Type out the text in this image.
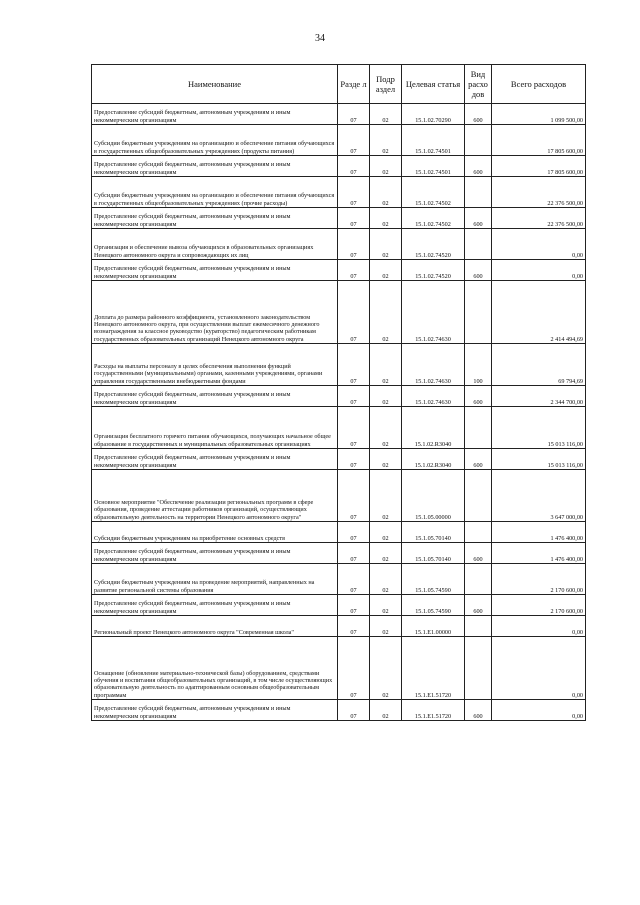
34
Наименование	Разде л	Подр аздел	Целевая статья	Вид расхо дов	Всего расходов
Предоставление субсидий бюджетным, автономным учреждениям и иным некоммерческим организациям	07	02	15.1.02.70290	600	1 099 500,00
Субсидии бюджетным учреждениям на организацию и обеспечение питания обучающихся в государственных общеобразовательных учреждениях (продукты питания)	07	02	15.1.02.74501		17 805 600,00
Предоставление субсидий бюджетным, автономным учреждениям и иным некоммерческим организациям	07	02	15.1.02.74501	600	17 805 600,00
Субсидии бюджетным учреждениям на организацию и обеспечение питания обучающихся в государственных общеобразовательных учреждениях (прочие расходы)	07	02	15.1.02.74502		22 376 500,00
Предоставление субсидий бюджетным, автономным учреждениям и иным некоммерческим организациям	07	02	15.1.02.74502	600	22 376 500,00
Организация и обеспечение вывоза обучающихся в образовательных организациях Ненецкого автономного округа и сопровождающих их лиц	07	02	15.1.02.74520		0,00
Предоставление субсидий бюджетным, автономным учреждениям и иным некоммерческим организациям	07	02	15.1.02.74520	600	0,00
Доплата до размера районного коэффициента, установленного законодательством Ненецкого автономного округа, при осуществлении выплат ежемесячного денежного вознаграждения за классное руководство (кураторство) педагогическим работникам государственных образовательных организаций Ненецкого автономного округа	07	02	15.1.02.74630		2 414 494,69
Расходы на выплаты персоналу в целях обеспечения выполнения функций государственными (муниципальными) органами, казенными учреждениями, органами управления государственными внебюджетными фондами	07	02	15.1.02.74630	100	69 794,69
Предоставление субсидий бюджетным, автономным учреждениям и иным некоммерческим организациям	07	02	15.1.02.74630	600	2 344 700,00
Организация бесплатного горячего питания обучающихся, получающих начальное общее образование в государственных и муниципальных образовательных организациях	07	02	15.1.02.R3040		15 013 116,00
Предоставление субсидий бюджетным, автономным учреждениям и иным некоммерческим организациям	07	02	15.1.02.R3040	600	15 013 116,00
Основное мероприятие "Обеспечение реализации региональных программ в сфере образования, проведение аттестации работников организаций, осуществляющих образовательную деятельность на территории Ненецкого автономного округа"	07	02	15.1.05.00000		3 647 000,00
Субсидии бюджетным учреждениям на приобретение основных средств	07	02	15.1.05.70140		1 476 400,00
Предоставление субсидий бюджетным, автономным учреждениям и иным некоммерческим организациям	07	02	15.1.05.70140	600	1 476 400,00
Субсидии бюджетным учреждениям на проведение мероприятий, направленных на развитие региональной системы образования	07	02	15.1.05.74590		2 170 600,00
Предоставление субсидий бюджетным, автономным учреждениям и иным некоммерческим организациям	07	02	15.1.05.74590	600	2 170 600,00
Региональный проект Ненецкого автономного округа "Современная школа"	07	02	15.1.E1.00000		0,00
Оснащение (обновление материально-технической базы) оборудованием, средствами обучения и воспитания общеобразовательных организаций, в том числе осуществляющих образовательную деятельность по адаптированным основным общеобразовательным программам	07	02	15.1.E1.51720		0,00
Предоставление субсидий бюджетным, автономным учреждениям и иным некоммерческим организациям	07	02	15.1.E1.51720	600	0,00
